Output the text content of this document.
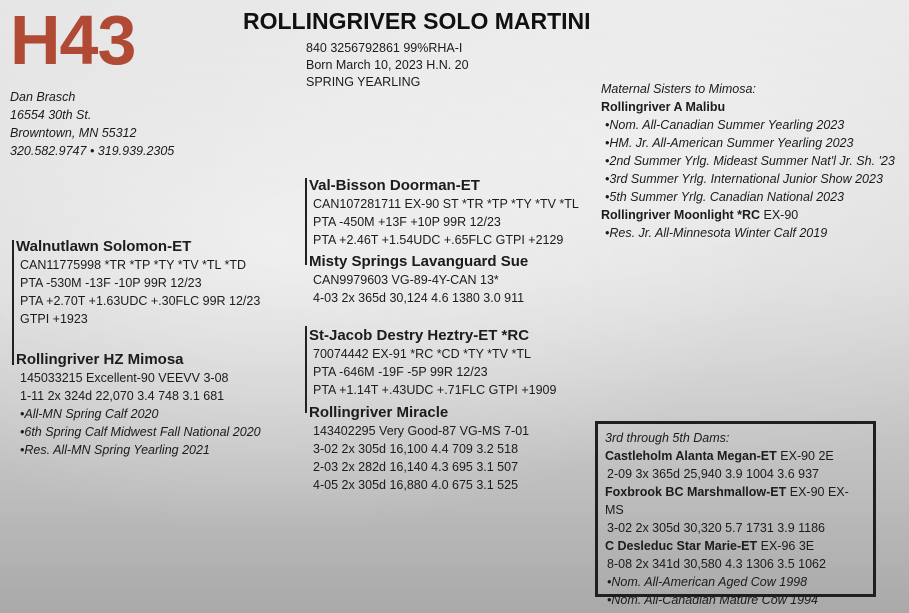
H43	ROLLINGRIVER SOLO MARTINI
840 3256792861 99%RHA-I
Born March 10, 2023 H.N. 20
SPRING YEARLING
Dan Brasch
16554 30th St.
Browntown, MN 55312
320.582.9747 • 319.939.2305
Maternal Sisters to Mimosa:
Rollingriver A Malibu
•Nom. All-Canadian Summer Yearling 2023
•HM. Jr. All-American Summer Yearling 2023
•2nd Summer Yrlg. Mideast Summer Nat'l Jr. Sh. '23
•3rd Summer Yrlg. International Junior Show 2023
•5th Summer Yrlg. Canadian National 2023
Rollingriver Moonlight *RC EX-90
•Res. Jr. All-Minnesota Winter Calf 2019
Walnutlawn Solomon-ET
CAN11775998 *TR *TP *TY *TV *TL *TD
PTA -530M -13F -10P 99R 12/23
PTA +2.70T +1.63UDC +.30FLC 99R 12/23
GTPI +1923
Rollingriver HZ Mimosa
145033215 Excellent-90 VEEVV 3-08
1-11 2x 324d 22,070 3.4 748 3.1 681
•All-MN Spring Calf 2020
•6th Spring Calf Midwest Fall National 2020
•Res. All-MN Spring Yearling 2021
Val-Bisson Doorman-ET
CAN107281711 EX-90 ST *TR *TP *TY *TV *TL
PTA -450M +13F +10P 99R 12/23
PTA +2.46T +1.54UDC +.65FLC GTPI +2129
Misty Springs Lavanguard Sue
CAN9979603 VG-89-4Y-CAN 13*
4-03 2x 365d 30,124 4.6 1380 3.0 911
St-Jacob Destry Heztry-ET *RC
70074442 EX-91 *RC *CD *TY *TV *TL
PTA -646M -19F -5P 99R 12/23
PTA +1.14T +.43UDC +.71FLC GTPI +1909
Rollingriver Miracle
143402295 Very Good-87 VG-MS 7-01
3-02 2x 305d 16,100 4.4 709 3.2 518
2-03 2x 282d 16,140 4.3 695 3.1 507
4-05 2x 305d 16,880 4.0 675 3.1 525
3rd through 5th Dams:
Castleholm Alanta Megan-ET EX-90 2E
2-09 3x 365d 25,940 3.9 1004 3.6 937
Foxbrook BC Marshmallow-ET EX-90 EX-MS
3-02 2x 305d 30,320 5.7 1731 3.9 1186
C Desleduc Star Marie-ET EX-96 3E
8-08 2x 341d 30,580 4.3 1306 3.5 1062
•Nom. All-American Aged Cow 1998
•Nom. All-Canadian Mature Cow 1994
